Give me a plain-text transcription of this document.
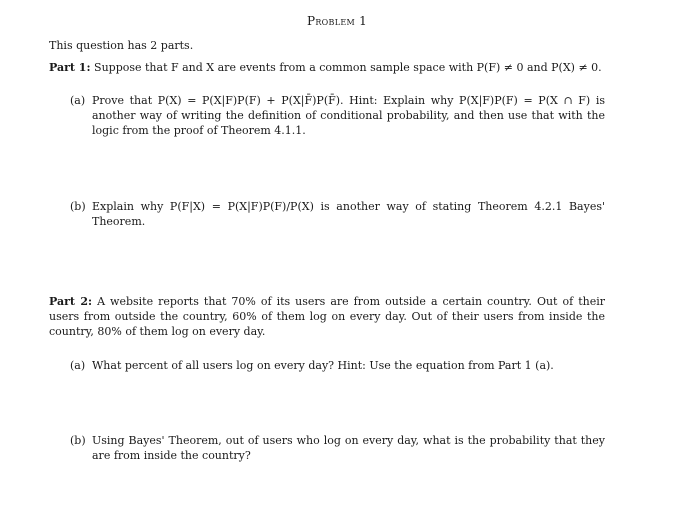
Problem 1
This question has 2 parts.
Part 1: Suppose that F and X are events from a common sample space with P(F) ≠ 0 and P(X) ≠ 0.
(a) Prove that P(X) = P(X|F)P(F) + P(X|F̄)P(F̄). Hint: Explain why P(X|F)P(F) = P(X ∩ F) is another way of writing the definition of conditional probability, and then use that with the logic from the proof of Theorem 4.1.1.
(b) Explain why P(F|X) = P(X|F)P(F)/P(X) is another way of stating Theorem 4.2.1 Bayes' Theorem.
Part 2: A website reports that 70% of its users are from outside a certain country. Out of their users from outside the country, 60% of them log on every day. Out of their users from inside the country, 80% of them log on every day.
(a) What percent of all users log on every day? Hint: Use the equation from Part 1 (a).
(b) Using Bayes' Theorem, out of users who log on every day, what is the probability that they are from inside the country?
